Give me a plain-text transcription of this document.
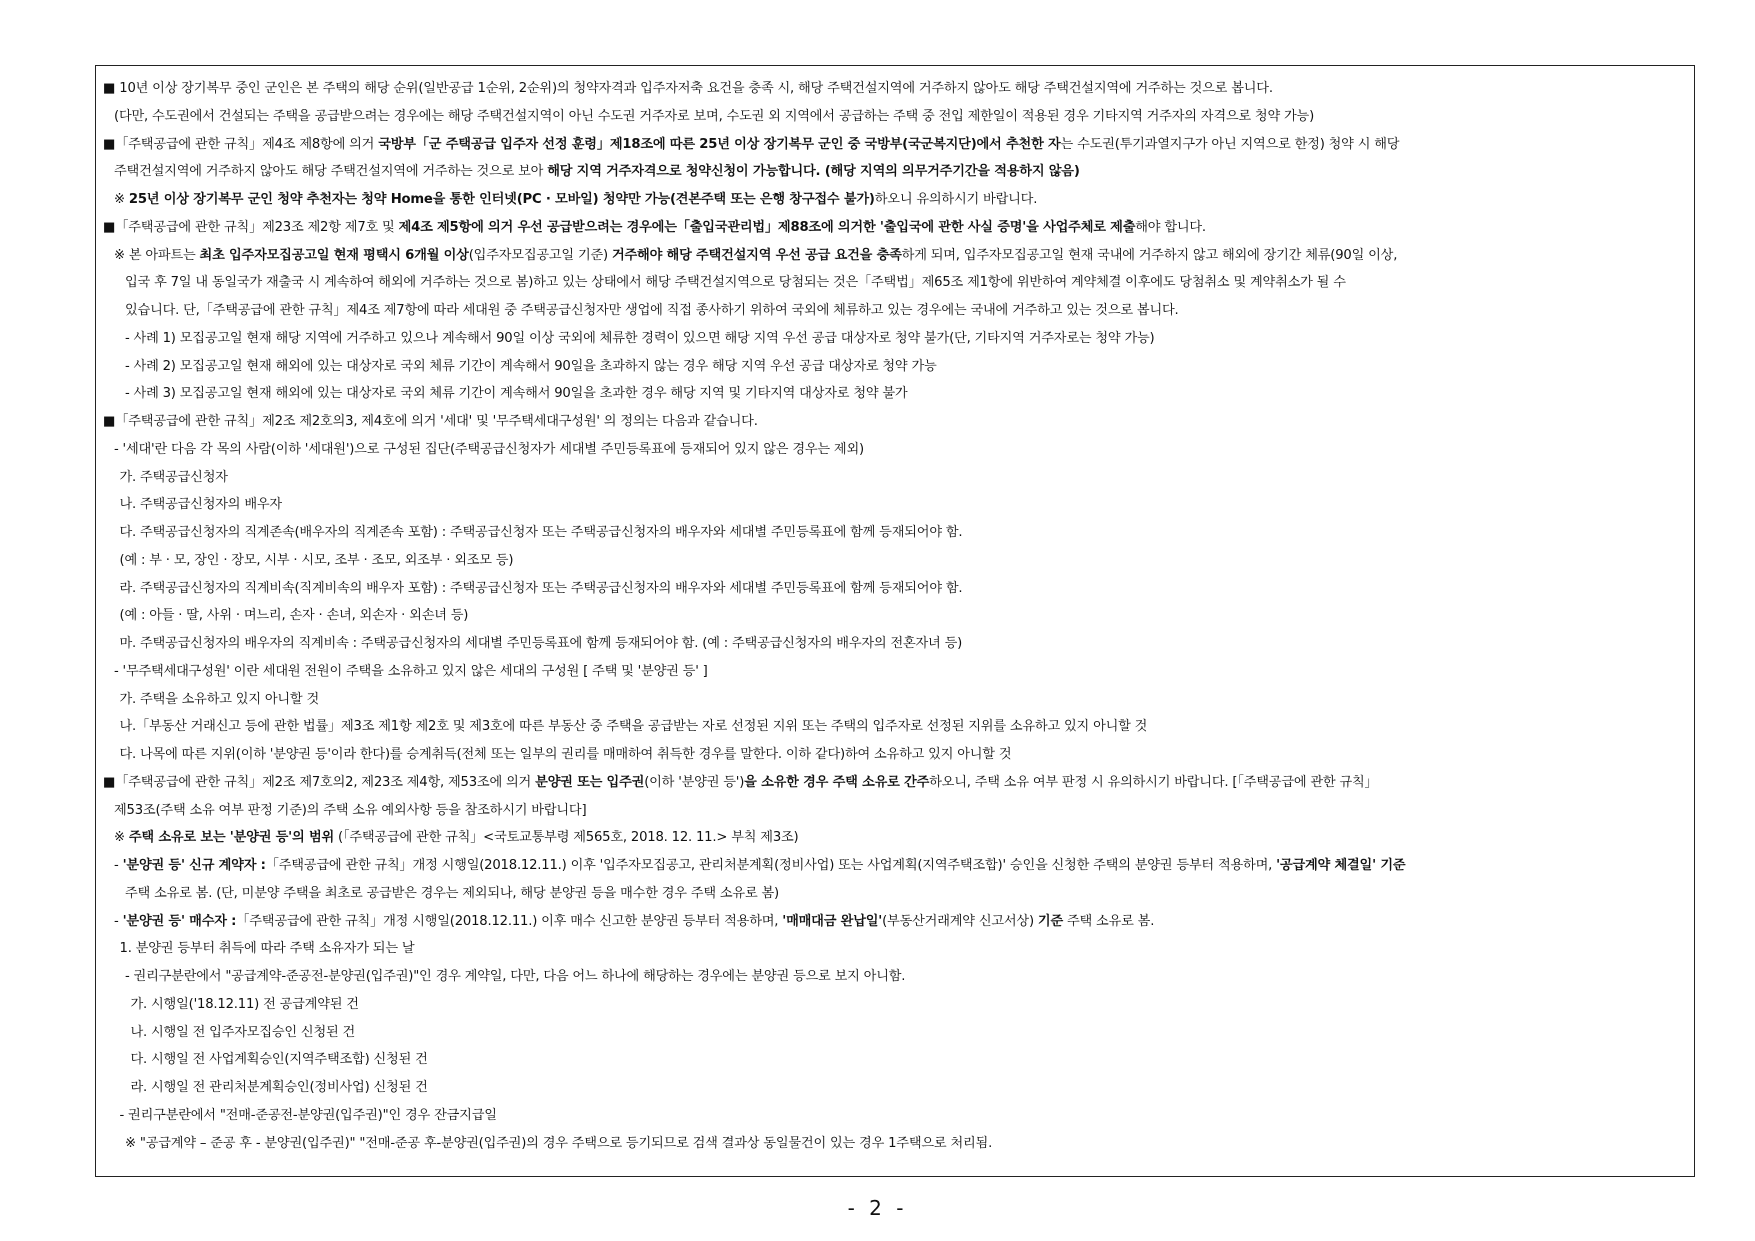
■ 10년 이상 장기복무 중인 군인은 본 주택의 해당 순위(일반공급 1순위, 2순위)의 청약자격과 입주자저축 요건을 충족 시, 해당 주택건설지역에 거주하지 않아도 해당 주택건설지역에 거주하는 것으로 봅니다.
(다만, 수도권에서 건설되는 주택을 공급받으려는 경우에는 해당 주택건설지역이 아닌 수도권 거주자로 보며, 수도권 외 지역에서 공급하는 주택 중 전입 제한일이 적용된 경우 기타지역 거주자의 자격으로 청약 가능)
■「주택공급에 관한 규칙」제4조 제8항에 의거 국방부「군 주택공급 입주자 선정 훈령」제18조에 따른 25년 이상 장기복무 군인 중 국방부(국군복지단)에서 추천한 자는 수도권(투기과열지구가 아닌 지역으로 한정) 청약 시 해당
주택건설지역에 거주하지 않아도 해당 주택건설지역에 거주하는 것으로 보아 해당 지역 거주자격으로 청약신청이 가능합니다. (해당 지역의 의무거주기간을 적용하지 않음)
※ 25년 이상 장기복무 군인 청약 추천자는 청약 Home을 통한 인터넷(PC · 모바일) 청약만 가능(견본주택 또는 은행 창구접수 불가)하오니 유의하시기 바랍니다.
■「주택공급에 관한 규칙」제23조 제2항 제7호 및 제4조 제5항에 의거 우선 공급받으려는 경우에는「출입국관리법」제88조에 의거한 '출입국에 관한 사실 증명'을 사업주체로 제출해야 합니다.
※ 본 아파트는 최초 입주자모집공고일 현재 평택시 6개월 이상(입주자모집공고일 기준) 거주해야 해당 주택건설지역 우선 공급 요건을 충족하게 되며, 입주자모집공고일 현재 국내에 거주하지 않고 해외에 장기간 체류(90일 이상,
입국 후 7일 내 동일국가 재출국 시 계속하여 해외에 거주하는 것으로 봄)하고 있는 상태에서 해당 주택건설지역으로 당첨되는 것은「주택법」제65조 제1항에 위반하여 계약체결 이후에도 당첨취소 및 계약취소가 될 수
있습니다. 단,「주택공급에 관한 규칙」제4조 제7항에 따라 세대원 중 주택공급신청자만 생업에 직접 종사하기 위하여 국외에 체류하고 있는 경우에는 국내에 거주하고 있는 것으로 봅니다.
- 사례 1) 모집공고일 현재 해당 지역에 거주하고 있으나 계속해서 90일 이상 국외에 체류한 경력이 있으면 해당 지역 우선 공급 대상자로 청약 불가(단, 기타지역 거주자로는 청약 가능)
- 사례 2) 모집공고일 현재 해외에 있는 대상자로 국외 체류 기간이 계속해서 90일을 초과하지 않는 경우 해당 지역 우선 공급 대상자로 청약 가능
- 사례 3) 모집공고일 현재 해외에 있는 대상자로 국외 체류 기간이 계속해서 90일을 초과한 경우 해당 지역 및 기타지역 대상자로 청약 불가
■「주택공급에 관한 규칙」제2조 제2호의3, 제4호에 의거 '세대' 및 '무주택세대구성원' 의 정의는 다음과 같습니다.
- '세대'란 다음 각 목의 사람(이하 '세대원')으로 구성된 집단(주택공급신청자가 세대별 주민등록표에 등재되어 있지 않은 경우는 제외)
가. 주택공급신청자
나. 주택공급신청자의 배우자
다. 주택공급신청자의 직계존속(배우자의 직계존속 포함) : 주택공급신청자 또는 주택공급신청자의 배우자와 세대별 주민등록표에 함께 등재되어야 함.
(예 : 부 · 모, 장인 · 장모, 시부 · 시모, 조부 · 조모, 외조부 · 외조모 등)
라. 주택공급신청자의 직계비속(직계비속의 배우자 포함) : 주택공급신청자 또는 주택공급신청자의 배우자와 세대별 주민등록표에 함께 등재되어야 함.
(예 : 아들 · 딸, 사위 · 며느리, 손자 · 손녀, 외손자 · 외손녀 등)
마. 주택공급신청자의 배우자의 직계비속 : 주택공급신청자의 세대별 주민등록표에 함께 등재되어야 함. (예 : 주택공급신청자의 배우자의 전혼자녀 등)
- '무주택세대구성원' 이란 세대원 전원이 주택을 소유하고 있지 않은 세대의 구성원 [ 주택 및 '분양권 등' ]
가. 주택을 소유하고 있지 아니할 것
나.「부동산 거래신고 등에 관한 법률」제3조 제1항 제2호 및 제3호에 따른 부동산 중 주택을 공급받는 자로 선정된 지위 또는 주택의 입주자로 선정된 지위를 소유하고 있지 아니할 것
다. 나목에 따른 지위(이하 '분양권 등'이라 한다)를 승계취득(전체 또는 일부의 권리를 매매하여 취득한 경우를 말한다. 이하 같다)하여 소유하고 있지 아니할 것
■「주택공급에 관한 규칙」제2조 제7호의2, 제23조 제4항, 제53조에 의거 분양권 또는 입주권(이하 '분양권 등')을 소유한 경우 주택 소유로 간주하오니, 주택 소유 여부 판정 시 유의하시기 바랍니다. [「주택공급에 관한 규칙」
제53조(주택 소유 여부 판정 기준)의 주택 소유 예외사항 등을 참조하시기 바랍니다]
※ 주택 소유로 보는 '분양권 등'의 범위 (「주택공급에 관한 규칙」<국토교통부령 제565호, 2018. 12. 11.> 부칙 제3조)
- '분양권 등' 신규 계약자 :「주택공급에 관한 규칙」개정 시행일(2018.12.11.) 이후 '입주자모집공고, 관리처분계획(정비사업) 또는 사업계획(지역주택조합)' 승인을 신청한 주택의 분양권 등부터 적용하며, '공급계약 체결일' 기준
주택 소유로 봄. (단, 미분양 주택을 최초로 공급받은 경우는 제외되나, 해당 분양권 등을 매수한 경우 주택 소유로 봄)
- '분양권 등' 매수자 :「주택공급에 관한 규칙」개정 시행일(2018.12.11.) 이후 매수 신고한 분양권 등부터 적용하며, '매매대금 완납일'(부동산거래계약 신고서상) 기준 주택 소유로 봄.
1. 분양권 등부터 취득에 따라 주택 소유자가 되는 날
- 권리구분란에서 "공급계약-준공전-분양권(입주권)"인 경우 계약일, 다만, 다음 어느 하나에 해당하는 경우에는 분양권 등으로 보지 아니함.
가. 시행일('18.12.11) 전 공급계약된 건
나. 시행일 전 입주자모집승인 신청된 건
다. 시행일 전 사업계획승인(지역주택조합) 신청된 건
라. 시행일 전 관리처분계획승인(정비사업) 신청된 건
- 권리구분란에서 "전매-준공전-분양권(입주권)"인 경우 잔금지급일
※ "공급계약 – 준공 후 - 분양권(입주권)" "전매-준공 후-분양권(입주권)의 경우 주택으로 등기되므로 검색 결과상 동일물건이 있는 경우 1주택으로 처리됨.
- 2 -
